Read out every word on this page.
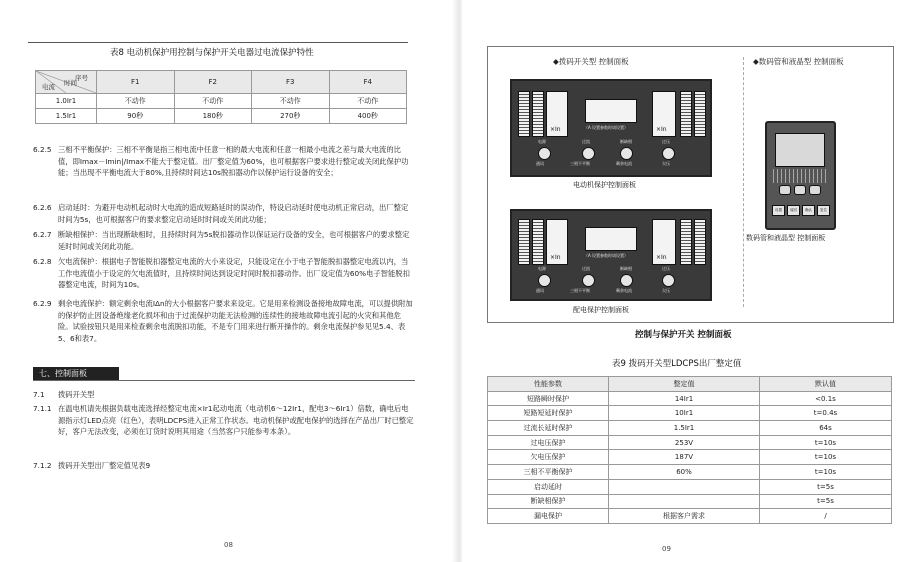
表8 电动机保护用控制与保护开关电器过电流保护特性
序号
时间
电流	F1	F2	F3	F4
1.0Ir1	不动作	不动作	不动作	不动作
1.5Ir1	90秒	180秒	270秒	400秒
6.2.5 三相不平衡保护：三相不平衡是指三相电流中任意一相的最大电流和任意一相最小电流之差与最大电流的比值，即Imax－Imin|/Imax不能大于整定值。出厂整定值为60%，也可根据客户要求进行整定或关闭此保护功能；当出现不平衡电流大于80%,且持续时间达10s脱扣器动作以保护运行设备的安全；
6.2.6 启动延时：为避开电动机起动时大电流的造成短路延时的误动作，特设启动延时使电动机正常启动，出厂整定时间为5s，也可根据客户的要求整定启动延时时间或关闭此功能；
6.2.7 断缺相保护：当出现断缺相时，且持续时间为5s脱扣器动作以保证运行设备的安全，也可根据客户的要求整定延时时间或关闭此功能。
6.2.8 欠电流保护：根据电子智能脱扣器整定电流的大小来设定，只能设定在小于电子智能脱扣器整定电流以内，当工作电流值小于设定的欠电流值时，且持续时间达到设定时间时脱扣器动作。出厂设定值为60%电子智能脱扣器整定电流，时间为10s。
6.2.9 剩余电流保护：额定剩余电流IΔn的大小根据客户要求来设定。它是用来检测设备接地故障电流，可以提供附加的保护防止因设备绝缘老化损坏和由于过流保护功能无法检测的连续性的接地故障电流引起的火灾和其他危险。试验按钮只是用来检查剩余电流脱扣功能，不是专门用来进行断开操作的。剩余电流保护参见见5.4、表5、6和表7。
七、控制面板
7.1 拨码开关型
7.1.1 在温电机请先根据负载电流选择经整定电流×Ir1起动电流（电动机6～12Ir1，配电3～6Ir1）倍数，确电后电源指示灯LED点亮（红色），表明LDCPS进入正常工作状态。电动机保护或配电保护的选择在产品出厂时已整定好，客户无法改变，必须在订货时说明其用途（当然客户只能参考本条）。
7.1.2 拨码开关型出厂整定值见表9
08
◆拨码开关型 控制面板	◆数码管和液晶型 控制面板
×In	（A 设置参数时请设置）	×In
电源	过流	断缺相	过压
通讯	三相不平衡	剩余电流	欠压
电动机保护控制面板
×In	（A 设置参数时请设置）	×In
电源	过流	断缺相	过压
通讯	三相不平衡	剩余电流	欠压
配电保护控制面板
设置	返回	确认	复位
数码管和液晶型 控制面板
控制与保护开关 控制面板
表9 拨码开关型LDCPS出厂整定值
性能参数	整定值	默认值
短路瞬时保护	14Ir1	<0.1s
短路短延时保护	10Ir1	t=0.4s
过流长延时保护	1.5Ir1	64s
过电压保护	253V	t=10s
欠电压保护	187V	t=10s
三相不平衡保护	60%	t=10s
启动延时		t=5s
断缺相保护		t=5s
漏电保护	根据客户需求	/
09
